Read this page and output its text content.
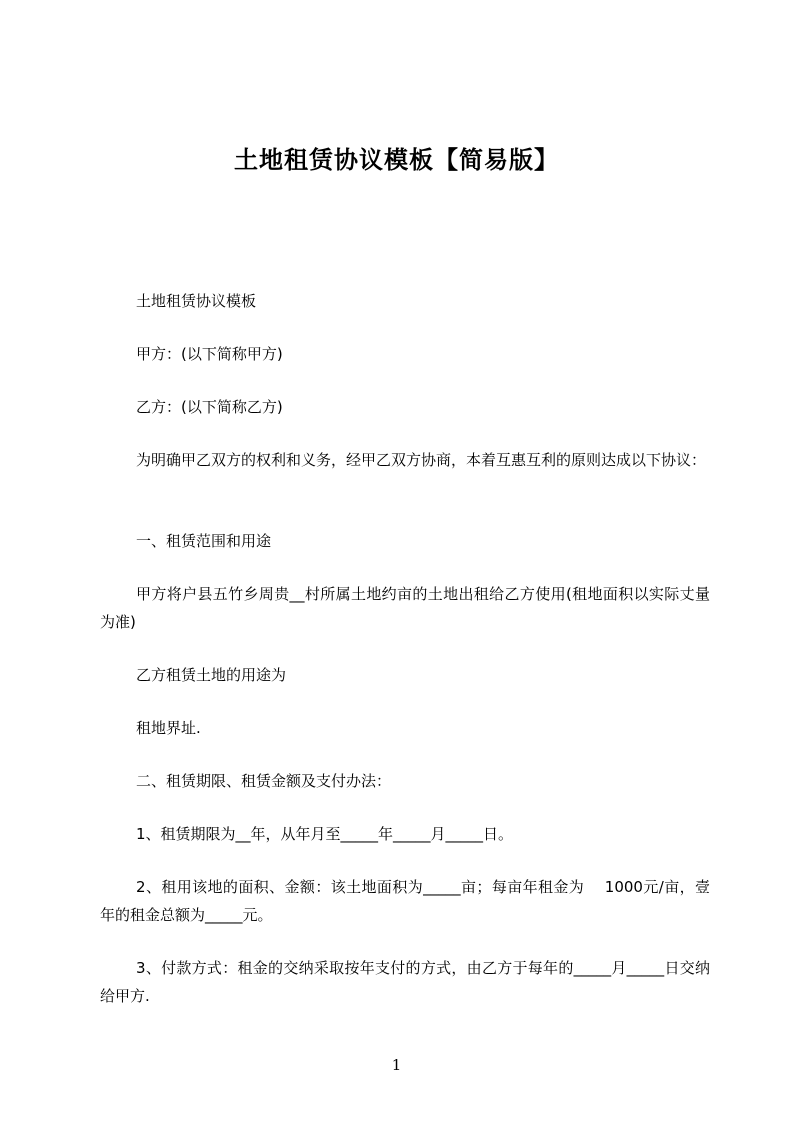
土地租赁协议模板【简易版】
土地租赁协议模板
甲方：(以下简称甲方)
乙方：(以下简称乙方)
为明确甲乙双方的权利和义务，经甲乙双方协商，本着互惠互利的原则达成以下协议：
一、租赁范围和用途
甲方将户县五竹乡周贵__村所属土地约亩的土地出租给乙方使用(租地面积以实际丈量为准)
乙方租赁土地的用途为
租地界址.
二、租赁期限、租赁金额及支付办法：
1、租赁期限为__年，从年月至_____年_____月_____日。
2、租用该地的面积、金额：该土地面积为_____亩；每亩年租金为　 1000元/亩，壹年的租金总额为_____元。
3、付款方式：租金的交纳采取按年支付的方式，由乙方于每年的_____月_____日交纳给甲方.
1
